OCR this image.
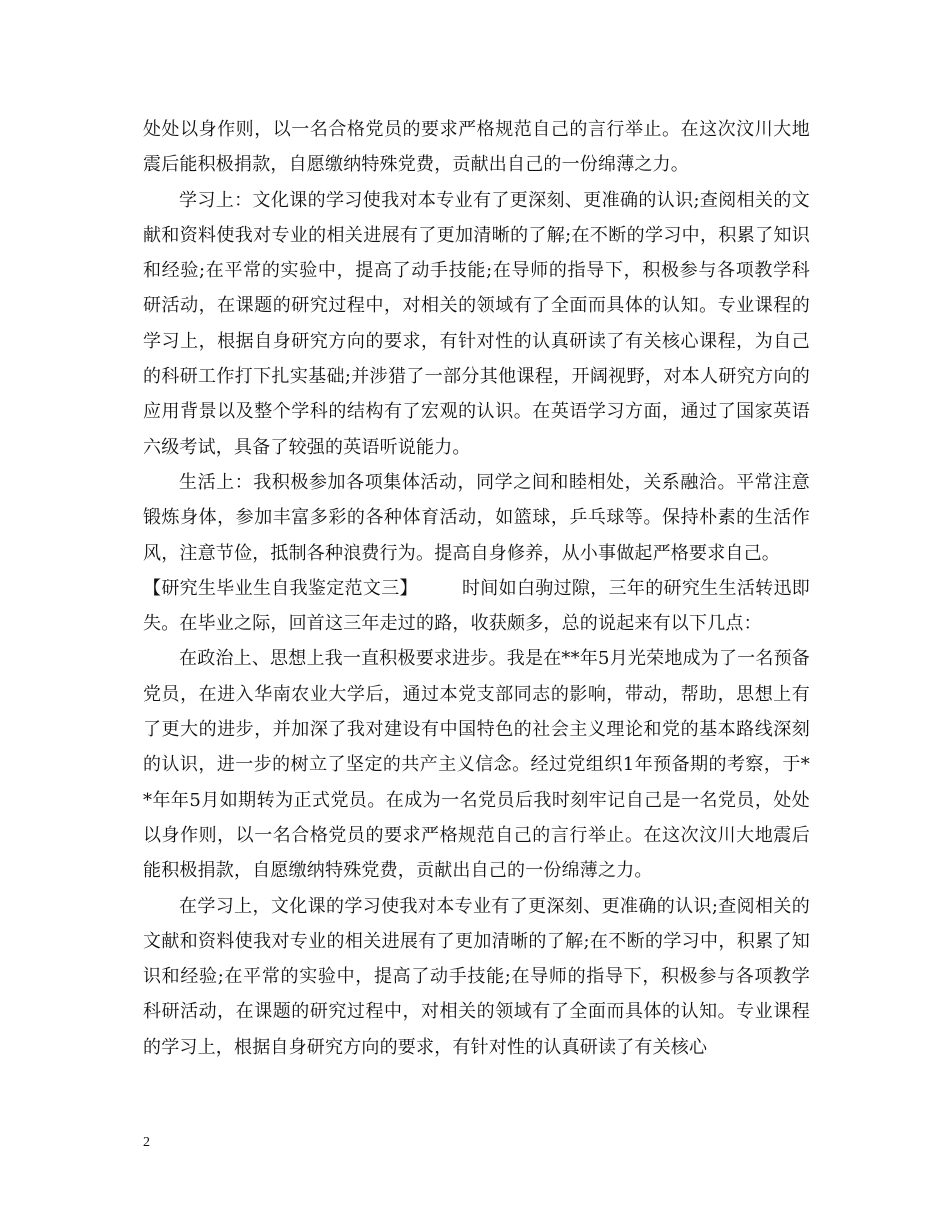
处处以身作则，以一名合格党员的要求严格规范自己的言行举止。在这次汶川大地震后能积极捐款，自愿缴纳特殊党费，贡献出自己的一份绵薄之力。

学习上：文化课的学习使我对本专业有了更深刻、更准确的认识;查阅相关的文献和资料使我对专业的相关进展有了更加清晰的了解;在不断的学习中，积累了知识和经验;在平常的实验中，提高了动手技能;在导师的指导下，积极参与各项教学科研活动，在课题的研究过程中，对相关的领域有了全面而具体的认知。专业课程的学习上，根据自身研究方向的要求，有针对性的认真研读了有关核心课程，为自己的科研工作打下扎实基础;并涉猎了一部分其他课程，开阔视野，对本人研究方向的应用背景以及整个学科的结构有了宏观的认识。在英语学习方面，通过了国家英语六级考试，具备了较强的英语听说能力。

生活上：我积极参加各项集体活动，同学之间和睦相处，关系融洽。平常注意锻炼身体，参加丰富多彩的各种体育活动，如篮球，乒乓球等。保持朴素的生活作风，注意节俭，抵制各种浪费行为。提高自身修养，从小事做起严格要求自己。

【研究生毕业生自我鉴定范文三】 时间如白驹过隙，三年的研究生生活转迅即失。在毕业之际，回首这三年走过的路，收获颇多，总的说起来有以下几点：

在政治上、思想上我一直积极要求进步。我是在**年5月光荣地成为了一名预备党员，在进入华南农业大学后，通过本党支部同志的影响，带动，帮助，思想上有了更大的进步，并加深了我对建设有中国特色的社会主义理论和党的基本路线深刻的认识，进一步的树立了坚定的共产主义信念。经过党组织1年预备期的考察，于**年年5月如期转为正式党员。在成为一名党员后我时刻牢记自己是一名党员，处处以身作则，以一名合格党员的要求严格规范自己的言行举止。在这次汶川大地震后能积极捐款，自愿缴纳特殊党费，贡献出自己的一份绵薄之力。

在学习上，文化课的学习使我对本专业有了更深刻、更准确的认识;查阅相关的文献和资料使我对专业的相关进展有了更加清晰的了解;在不断的学习中，积累了知识和经验;在平常的实验中，提高了动手技能;在导师的指导下，积极参与各项教学科研活动，在课题的研究过程中，对相关的领域有了全面而具体的认知。专业课程的学习上，根据自身研究方向的要求，有针对性的认真研读了有关核心

2
